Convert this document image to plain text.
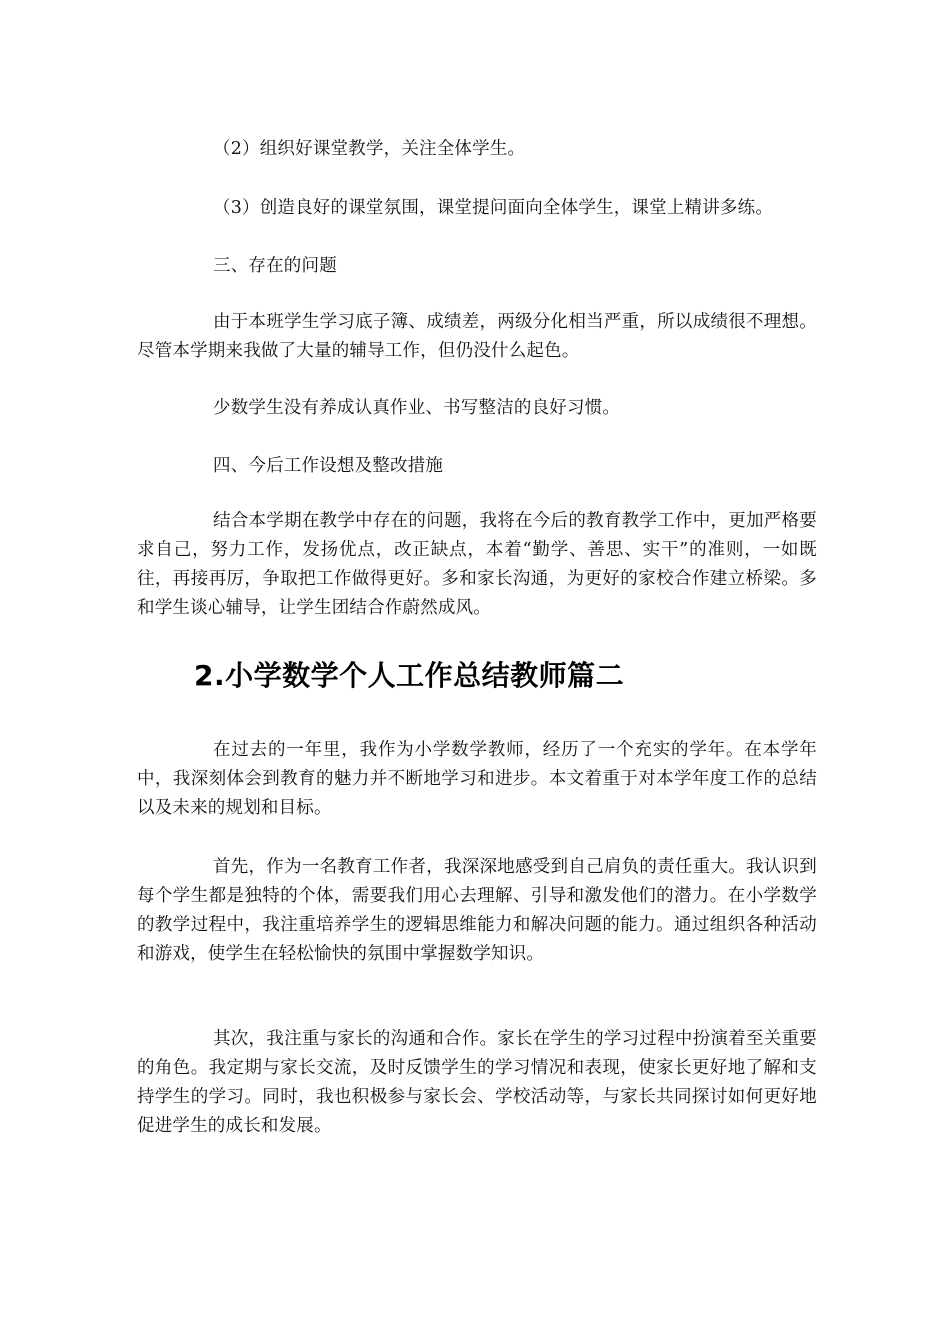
（2）组织好课堂教学，关注全体学生。

（3）创造良好的课堂氛围，课堂提问面向全体学生，课堂上精讲多练。

三、存在的问题

由于本班学生学习底子簿、成绩差，两级分化相当严重，所以成绩很不理想。尽管本学期来我做了大量的辅导工作，但仍没什么起色。

少数学生没有养成认真作业、书写整洁的良好习惯。

四、今后工作设想及整改措施

结合本学期在教学中存在的问题，我将在今后的教育教学工作中，更加严格要求自己，努力工作，发扬优点，改正缺点，本着“勤学、善思、实干”的准则，一如既往，再接再厉，争取把工作做得更好。多和家长沟通，为更好的家校合作建立桥梁。多和学生谈心辅导，让学生团结合作蔚然成风。

2.小学数学个人工作总结教师篇二

在过去的一年里，我作为小学数学教师，经历了一个充实的学年。在本学年中，我深刻体会到教育的魅力并不断地学习和进步。本文着重于对本学年度工作的总结以及未来的规划和目标。

首先，作为一名教育工作者，我深深地感受到自己肩负的责任重大。我认识到每个学生都是独特的个体，需要我们用心去理解、引导和激发他们的潜力。在小学数学的教学过程中，我注重培养学生的逻辑思维能力和解决问题的能力。通过组织各种活动和游戏，使学生在轻松愉快的氛围中掌握数学知识。

其次，我注重与家长的沟通和合作。家长在学生的学习过程中扮演着至关重要的角色。我定期与家长交流，及时反馈学生的学习情况和表现，使家长更好地了解和支持学生的学习。同时，我也积极参与家长会、学校活动等，与家长共同探讨如何更好地促进学生的成长和发展。
